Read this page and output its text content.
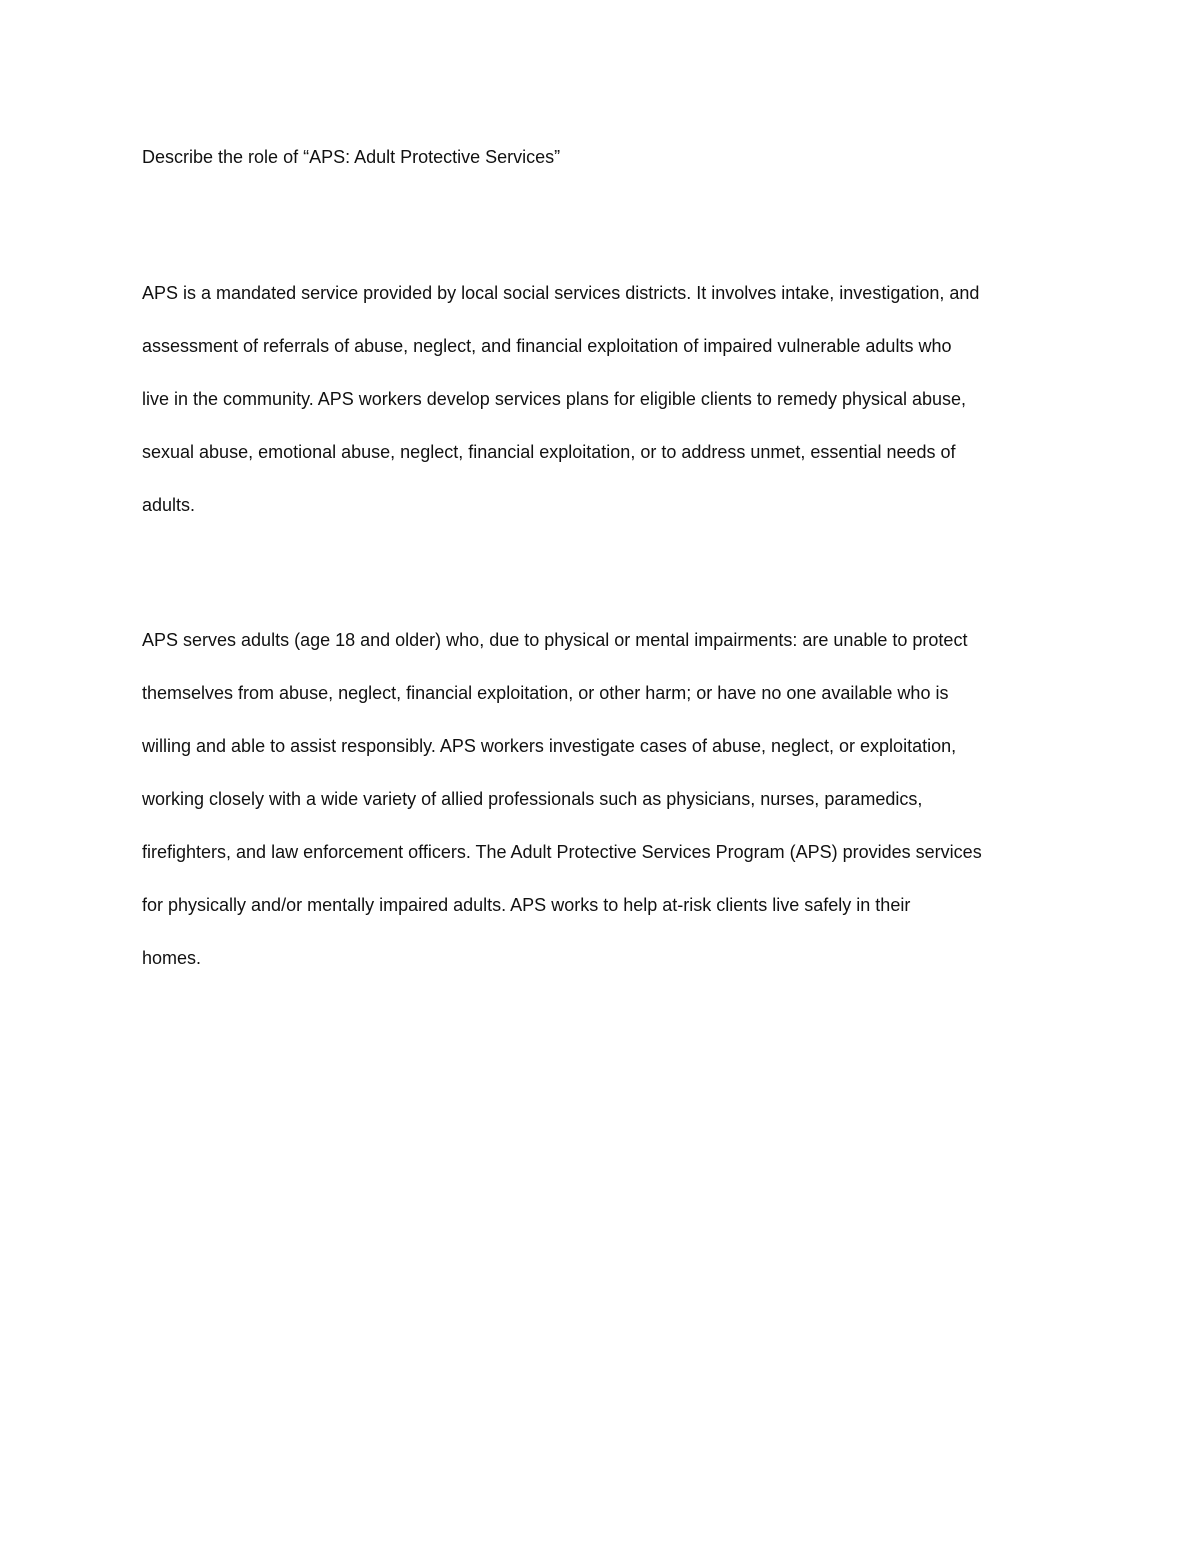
Describe the role of “APS: Adult Protective Services”
APS is a mandated service provided by local social services districts. It involves intake, investigation, and
assessment of referrals of abuse, neglect, and financial exploitation of impaired vulnerable adults who
live in the community. APS workers develop services plans for eligible clients to remedy physical abuse,
sexual abuse, emotional abuse, neglect, financial exploitation, or to address unmet, essential needs of
adults.
APS serves adults (age 18 and older) who, due to physical or mental impairments: are unable to protect
themselves from abuse, neglect, financial exploitation, or other harm; or have no one available who is
willing and able to assist responsibly. APS workers investigate cases of abuse, neglect, or exploitation,
working closely with a wide variety of allied professionals such as physicians, nurses, paramedics,
firefighters, and law enforcement officers. The Adult Protective Services Program (APS) provides services
for physically and/or mentally impaired adults. APS works to help at-risk clients live safely in their
homes.
